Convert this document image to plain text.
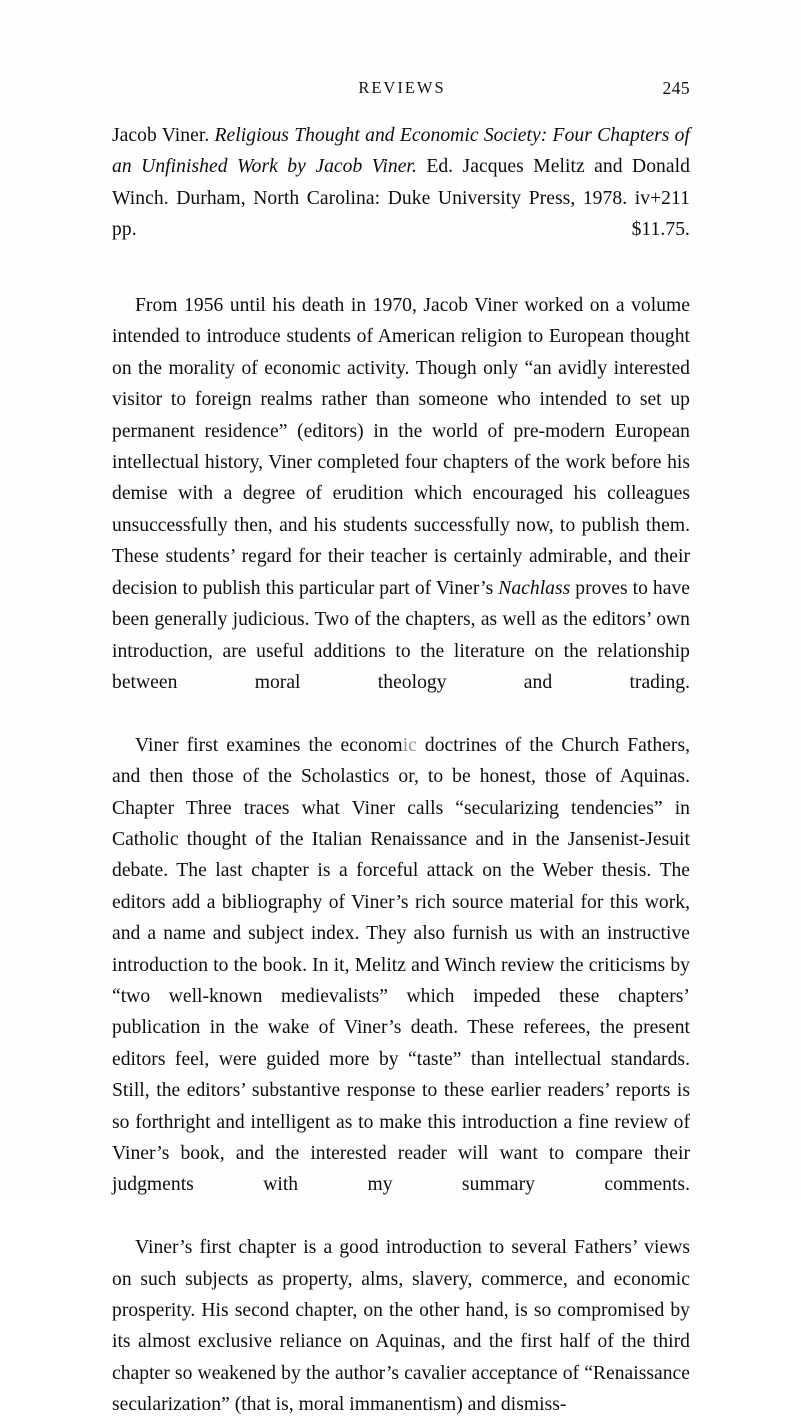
REVIEWS	245

Jacob Viner. Religious Thought and Economic Society: Four Chapters of an Unfinished Work by Jacob Viner. Ed. Jacques Melitz and Donald Winch. Durham, North Carolina: Duke University Press, 1978. iv+211 pp. $11.75.

From 1956 until his death in 1970, Jacob Viner worked on a volume intended to introduce students of American religion to European thought on the morality of economic activity. Though only “an avidly interested visitor to foreign realms rather than someone who intended to set up permanent residence” (editors) in the world of pre-modern European intellectual history, Viner completed four chapters of the work before his demise with a degree of erudition which encouraged his colleagues unsuccessfully then, and his students successfully now, to publish them. These students’ regard for their teacher is certainly admirable, and their decision to publish this particular part of Viner’s Nachlass proves to have been generally judicious. Two of the chapters, as well as the editors’ own introduction, are useful additions to the literature on the relationship between moral theology and trading.

Viner first examines the economic doctrines of the Church Fathers, and then those of the Scholastics or, to be honest, those of Aquinas. Chapter Three traces what Viner calls “secularizing tendencies” in Catholic thought of the Italian Renaissance and in the Jansenist-Jesuit debate. The last chapter is a forceful attack on the Weber thesis. The editors add a bibliography of Viner’s rich source material for this work, and a name and subject index. They also furnish us with an instructive introduction to the book. In it, Melitz and Winch review the criticisms by “two well-known medievalists” which impeded these chapters’ publication in the wake of Viner’s death. These referees, the present editors feel, were guided more by “taste” than intellectual standards. Still, the editors’ substantive response to these earlier readers’ reports is so forthright and intelligent as to make this introduction a fine review of Viner’s book, and the interested reader will want to compare their judgments with my summary comments.

Viner’s first chapter is a good introduction to several Fathers’ views on such subjects as property, alms, slavery, commerce, and economic prosperity. His second chapter, on the other hand, is so compromised by its almost exclusive reliance on Aquinas, and the first half of the third chapter so weakened by the author’s cavalier acceptance of “Renaissance secularization” (that is, moral immanentism) and dismiss-
